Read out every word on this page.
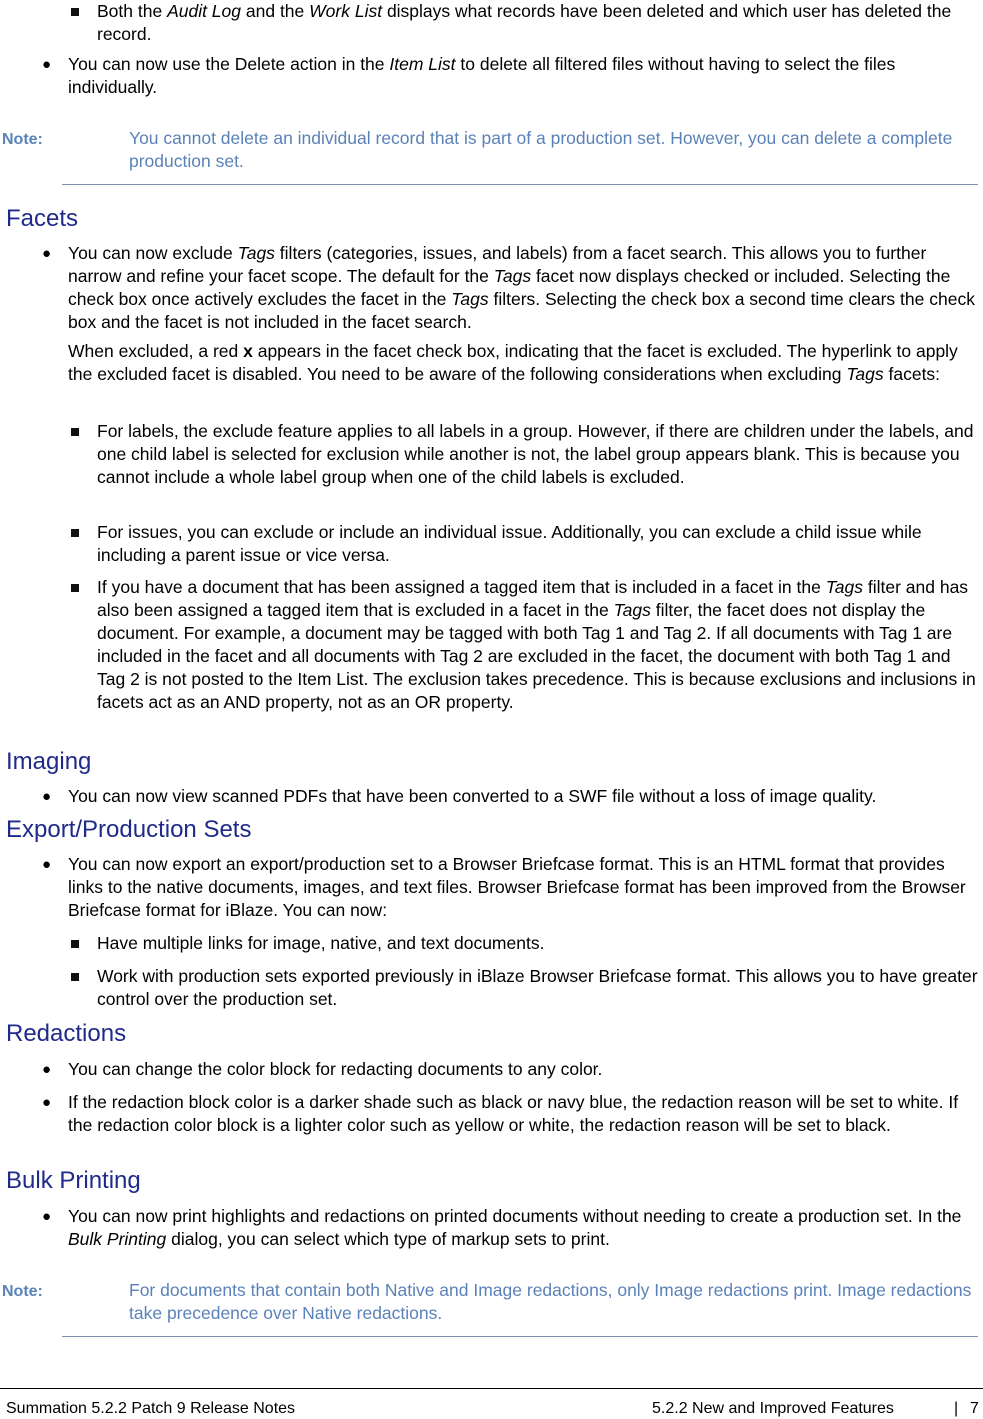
Both the Audit Log and the Work List displays what records have been deleted and which user has deleted the record.
● You can now use the Delete action in the Item List to delete all filtered files without having to select the files individually.
Note:	You cannot delete an individual record that is part of a production set. However, you can delete a complete production set.
Facets
● You can now exclude Tags filters (categories, issues, and labels) from a facet search. This allows you to further narrow and refine your facet scope. The default for the Tags facet now displays checked or included. Selecting the check box once actively excludes the facet in the Tags filters. Selecting the check box a second time clears the check box and the facet is not included in the facet search.
When excluded, a red x appears in the facet check box, indicating that the facet is excluded. The hyperlink to apply the excluded facet is disabled. You need to be aware of the following considerations when excluding Tags facets:
For labels, the exclude feature applies to all labels in a group. However, if there are children under the labels, and one child label is selected for exclusion while another is not, the label group appears blank. This is because you cannot include a whole label group when one of the child labels is excluded.
For issues, you can exclude or include an individual issue. Additionally, you can exclude a child issue while including a parent issue or vice versa.
If you have a document that has been assigned a tagged item that is included in a facet in the Tags filter and has also been assigned a tagged item that is excluded in a facet in the Tags filter, the facet does not display the document. For example, a document may be tagged with both Tag 1 and Tag 2. If all documents with Tag 1 are included in the facet and all documents with Tag 2 are excluded in the facet, the document with both Tag 1 and Tag 2 is not posted to the Item List. The exclusion takes precedence. This is because exclusions and inclusions in facets act as an AND property, not as an OR property.
Imaging
● You can now view scanned PDFs that have been converted to a SWF file without a loss of image quality.
Export/Production Sets
● You can now export an export/production set to a Browser Briefcase format. This is an HTML format that provides links to the native documents, images, and text files. Browser Briefcase format has been improved from the Browser Briefcase format for iBlaze. You can now:
Have multiple links for image, native, and text documents.
Work with production sets exported previously in iBlaze Browser Briefcase format. This allows you to have greater control over the production set.
Redactions
● You can change the color block for redacting documents to any color.
● If the redaction block color is a darker shade such as black or navy blue, the redaction reason will be set to white. If the redaction color block is a lighter color such as yellow or white, the redaction reason will be set to black.
Bulk Printing
● You can now print highlights and redactions on printed documents without needing to create a production set. In the Bulk Printing dialog, you can select which type of markup sets to print.
Note:	For documents that contain both Native and Image redactions, only Image redactions print. Image redactions take precedence over Native redactions.
Summation 5.2.2 Patch 9 Release Notes	5.2.2 New and Improved Features	| 7
